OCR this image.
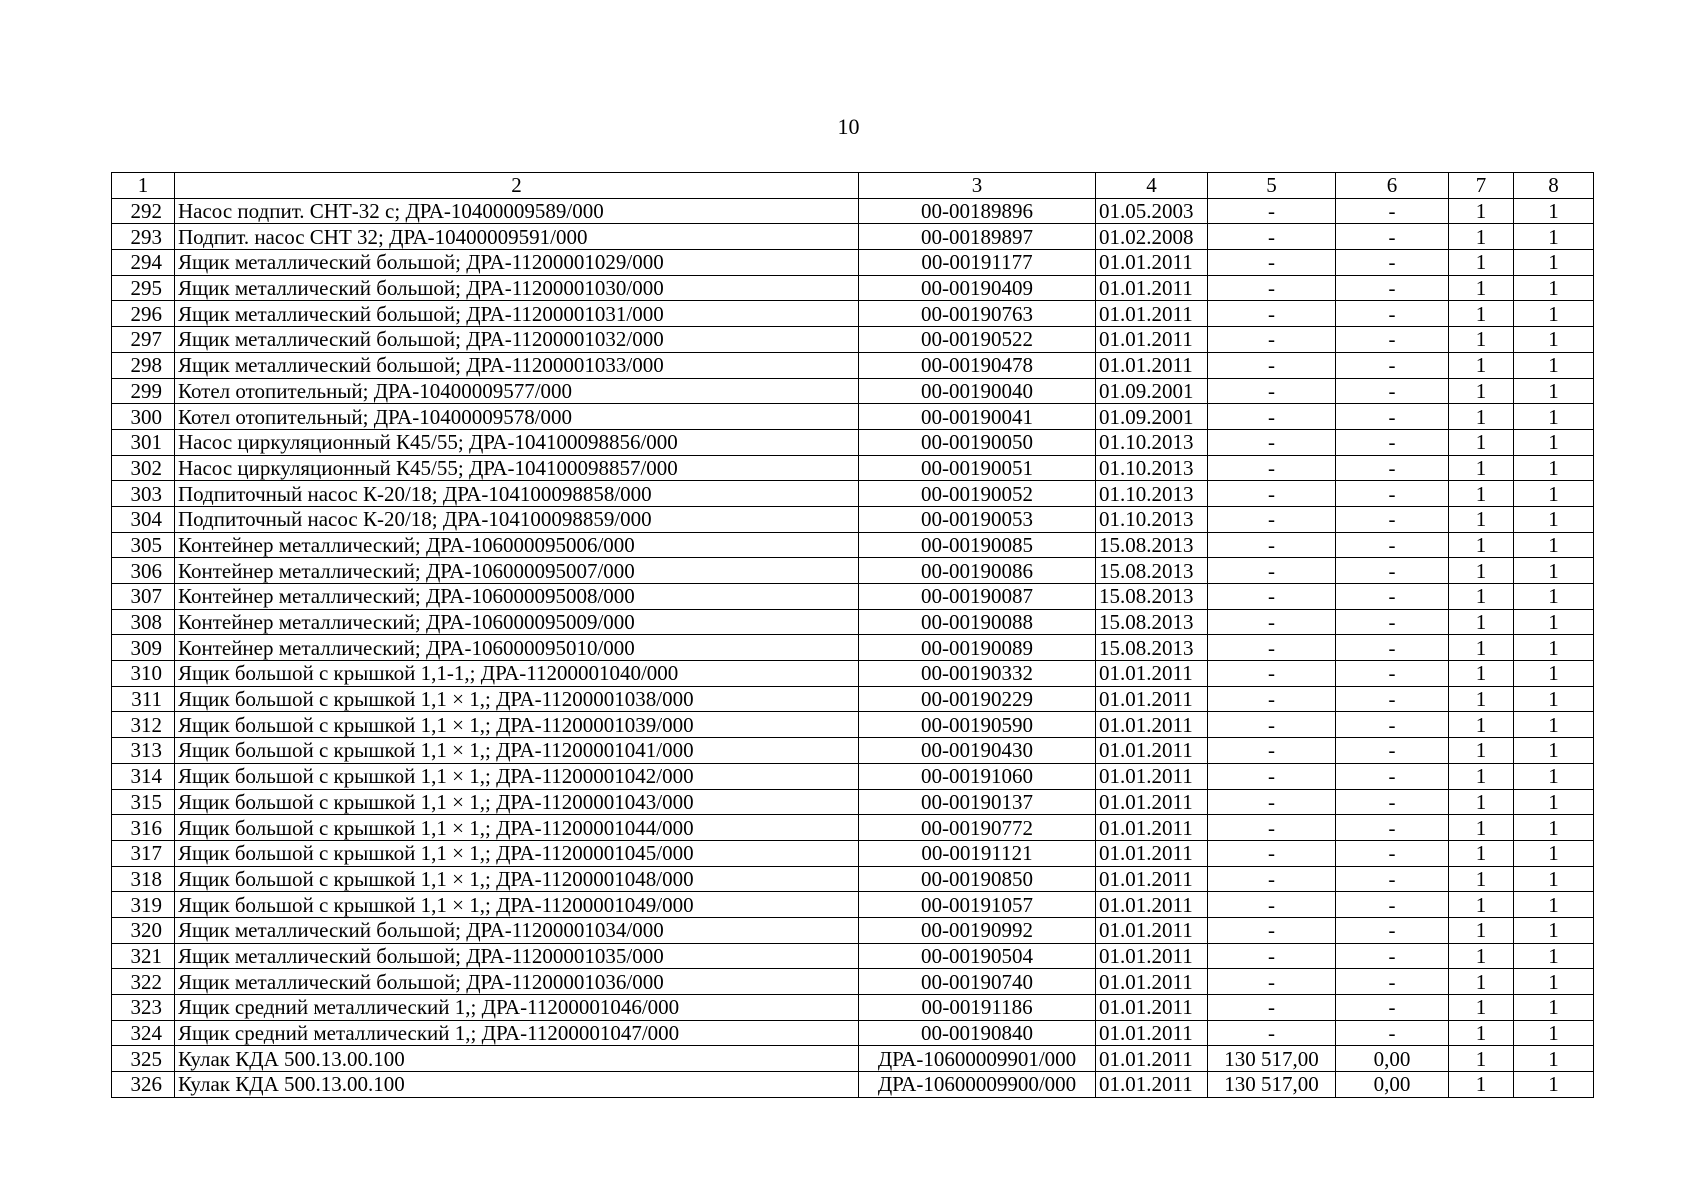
10
1	2	3	4	5	6	7	8
292	Насос подпит. СНТ-32 с; ДРА-10400009589/000	00-00189896	01.05.2003	-	-	1	1
293	Подпит. насос СНТ 32; ДРА-10400009591/000	00-00189897	01.02.2008	-	-	1	1
294	Ящик металлический большой; ДРА-11200001029/000	00-00191177	01.01.2011	-	-	1	1
295	Ящик металлический большой; ДРА-11200001030/000	00-00190409	01.01.2011	-	-	1	1
296	Ящик металлический большой; ДРА-11200001031/000	00-00190763	01.01.2011	-	-	1	1
297	Ящик металлический большой; ДРА-11200001032/000	00-00190522	01.01.2011	-	-	1	1
298	Ящик металлический большой; ДРА-11200001033/000	00-00190478	01.01.2011	-	-	1	1
299	Котел отопительный; ДРА-10400009577/000	00-00190040	01.09.2001	-	-	1	1
300	Котел отопительный; ДРА-10400009578/000	00-00190041	01.09.2001	-	-	1	1
301	Насос циркуляционный К45/55; ДРА-104100098856/000	00-00190050	01.10.2013	-	-	1	1
302	Насос циркуляционный К45/55; ДРА-104100098857/000	00-00190051	01.10.2013	-	-	1	1
303	Подпиточный насос К-20/18; ДРА-104100098858/000	00-00190052	01.10.2013	-	-	1	1
304	Подпиточный насос К-20/18; ДРА-104100098859/000	00-00190053	01.10.2013	-	-	1	1
305	Контейнер металлический; ДРА-106000095006/000	00-00190085	15.08.2013	-	-	1	1
306	Контейнер металлический; ДРА-106000095007/000	00-00190086	15.08.2013	-	-	1	1
307	Контейнер металлический; ДРА-106000095008/000	00-00190087	15.08.2013	-	-	1	1
308	Контейнер металлический; ДРА-106000095009/000	00-00190088	15.08.2013	-	-	1	1
309	Контейнер металлический; ДРА-106000095010/000	00-00190089	15.08.2013	-	-	1	1
310	Ящик большой с крышкой 1,1-1,; ДРА-11200001040/000	00-00190332	01.01.2011	-	-	1	1
311	Ящик большой с крышкой 1,1 × 1,; ДРА-11200001038/000	00-00190229	01.01.2011	-	-	1	1
312	Ящик большой с крышкой 1,1 × 1,; ДРА-11200001039/000	00-00190590	01.01.2011	-	-	1	1
313	Ящик большой с крышкой 1,1 × 1,; ДРА-11200001041/000	00-00190430	01.01.2011	-	-	1	1
314	Ящик большой с крышкой 1,1 × 1,; ДРА-11200001042/000	00-00191060	01.01.2011	-	-	1	1
315	Ящик большой с крышкой 1,1 × 1,; ДРА-11200001043/000	00-00190137	01.01.2011	-	-	1	1
316	Ящик большой с крышкой 1,1 × 1,; ДРА-11200001044/000	00-00190772	01.01.2011	-	-	1	1
317	Ящик большой с крышкой 1,1 × 1,; ДРА-11200001045/000	00-00191121	01.01.2011	-	-	1	1
318	Ящик большой с крышкой 1,1 × 1,; ДРА-11200001048/000	00-00190850	01.01.2011	-	-	1	1
319	Ящик большой с крышкой 1,1 × 1,; ДРА-11200001049/000	00-00191057	01.01.2011	-	-	1	1
320	Ящик металлический большой; ДРА-11200001034/000	00-00190992	01.01.2011	-	-	1	1
321	Ящик металлический большой; ДРА-11200001035/000	00-00190504	01.01.2011	-	-	1	1
322	Ящик металлический большой; ДРА-11200001036/000	00-00190740	01.01.2011	-	-	1	1
323	Ящик средний металлический 1,; ДРА-11200001046/000	00-00191186	01.01.2011	-	-	1	1
324	Ящик средний металлический 1,; ДРА-11200001047/000	00-00190840	01.01.2011	-	-	1	1
325	Кулак КДА 500.13.00.100	ДРА-10600009901/000	01.01.2011	130 517,00	0,00	1	1
326	Кулак КДА 500.13.00.100	ДРА-10600009900/000	01.01.2011	130 517,00	0,00	1	1
